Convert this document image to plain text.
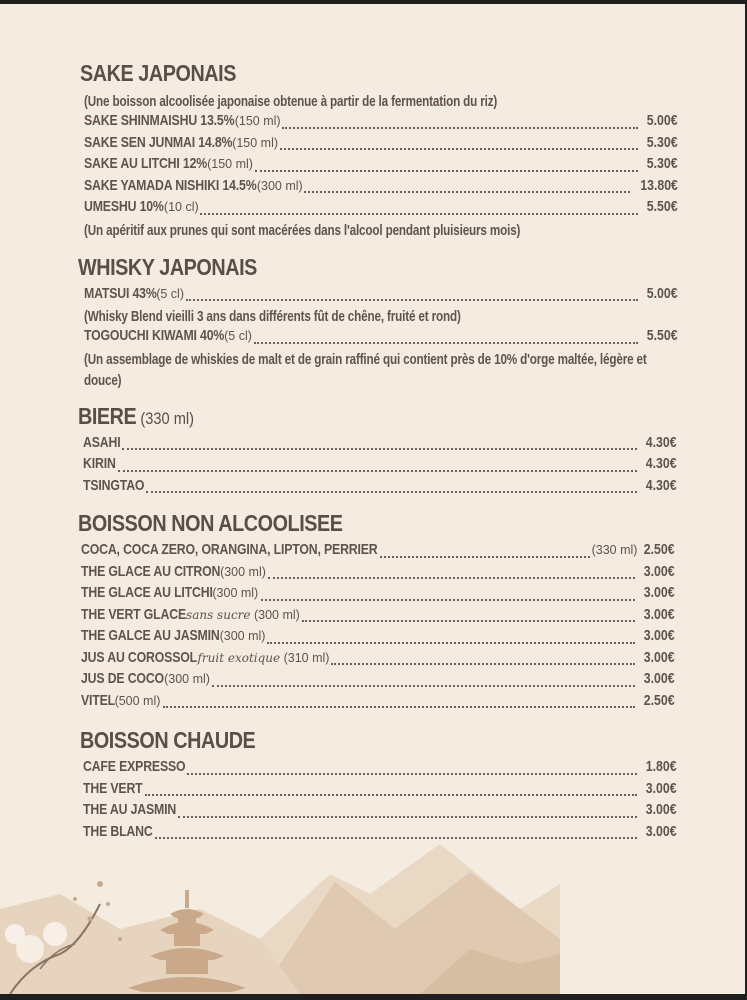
SAKE JAPONAIS
(Une boisson alcoolisée japonaise obtenue à partir de la fermentation du riz)
SAKE SHINMAISHU 13.5%(150 ml)	5.00€
SAKE SEN JUNMAI 14.8%(150 ml)	5.30€
SAKE AU LITCHI 12%(150 ml)	5.30€
SAKE YAMADA NISHIKI 14.5%(300 ml)	13.80€
UMESHU 10%(10 cl)	5.50€
(Un apéritif aux prunes qui sont macérées dans l'alcool pendant pluisieurs mois)
WHISKY JAPONAIS
MATSUI 43%(5 cl)	5.00€
(Whisky Blend vieilli 3 ans dans différents fût de chêne, fruité et rond)
TOGOUCHI KIWAMI 40%(5 cl)	5.50€
(Un assemblage de whiskies de malt et de grain raffiné qui contient près de 10% d'orge maltée, légère et douce)
BIERE (330 ml)
ASAHI	4.30€
KIRIN	4.30€
TSINGTAO	4.30€
BOISSON NON ALCOOLISEE
COCA, COCA ZERO, ORANGINA, LIPTON, PERRIER	(330 ml) 2.50€
THE GLACE AU CITRON(300 ml)	3.00€
THE GLACE AU LITCHI(300 ml)	3.00€
THE VERT GLACEsans sucre (300 ml)	3.00€
THE GALCE AU JASMIN(300 ml)	3.00€
JUS AU COROSSOLfruit exotique (310 ml)	3.00€
JUS DE COCO(300 ml)	3.00€
VITEL(500 ml)	2.50€
BOISSON CHAUDE
CAFE EXPRESSO	1.80€
THE VERT	3.00€
THE AU JASMIN	3.00€
THE BLANC	3.00€
